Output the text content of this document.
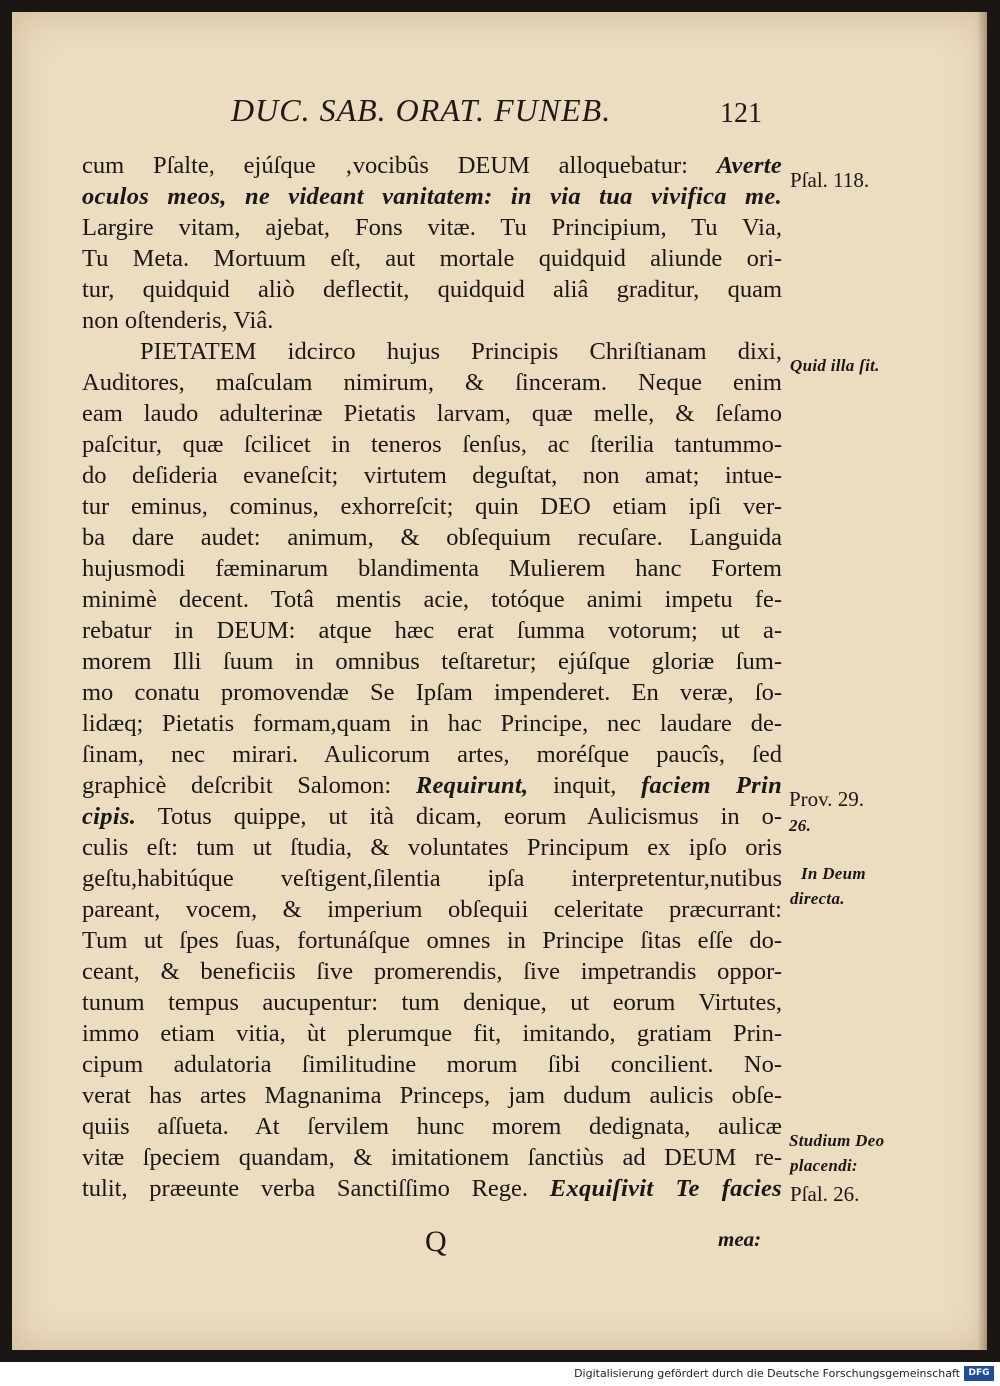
DUC. SAB. ORAT. FUNEB.	121
cum Pſalte, ejúſque ‚vocibûs DEUM alloquebatur: Averte
oculos meos, ne videant vanitatem: in via tua vivifica me.
Largire vitam, ajebat, Fons vitæ. Tu Principium, Tu Via,
Tu Meta. Mortuum eſt, aut mortale quidquid aliunde ori-
tur, quidquid aliò deflectit, quidquid aliâ graditur, quam
non oſtenderis, Viâ.
PIETATEM idcirco hujus Principis Chriſtianam dixi,
Auditores, maſculam nimirum, & ſinceram. Neque enim
eam laudo adulterinæ Pietatis larvam, quæ melle, & ſeſamo
paſcitur, quæ ſcilicet in teneros ſenſus, ac ſterilia tantummo-
do deſideria evaneſcit; virtutem deguſtat, non amat; intue-
tur eminus, cominus, exhorreſcit; quin DEO etiam ipſi ver-
ba dare audet: animum, & obſequium recuſare. Languida
hujusmodi fæminarum blandimenta Mulierem hanc Fortem
minimè decent. Totâ mentis acie, totóque animi impetu fe-
rebatur in DEUM: atque hæc erat ſumma votorum; ut a-
morem Illi ſuum in omnibus teſtaretur; ejúſque gloriæ ſum-
mo conatu promovendæ Se Ipſam impenderet. En veræ, ſo-
lidæq; Pietatis formam,quam in hac Principe, nec laudare de-
ſinam, nec mirari. Aulicorum artes, moréſque paucîs, ſed
graphicè deſcribit Salomon: Requirunt, inquit, faciem Prin
cipis. Totus quippe, ut ità dicam, eorum Aulicismus in o-
culis eſt: tum ut ſtudia, & voluntates Principum ex ipſo oris
geſtu,habitúque veſtigent,ſilentia ipſa interpretentur,nutibus
pareant, vocem, & imperium obſequii celeritate præcurrant:
Tum ut ſpes ſuas, fortunáſque omnes in Principe ſitas eſſe do-
ceant, & beneficiis ſive promerendis, ſive impetrandis oppor-
tunum tempus aucupentur: tum denique, ut eorum Virtutes,
immo etiam vitia, ùt plerumque fit, imitando, gratiam Prin-
cipum adulatoria ſimilitudine morum ſibi concilient. No-
verat has artes Magnanima Princeps, jam dudum aulicis obſe-
quiis aſſueta. At ſervilem hunc morem dedignata, aulicæ
vitæ ſpeciem quandam, & imitationem ſanctiùs ad DEUM re-
tulit, præeunte verba Sanctiſſimo Rege. Exquiſivit Te facies
Pſal. 118.
Quid illa ſit.
Prov. 29.
26.
In Deum
directa.
Studium Deo
placendi:
Pſal. 26.
Q	mea:
Digitalisierung gefördert durch die Deutsche Forschungsgemeinschaft DFG
